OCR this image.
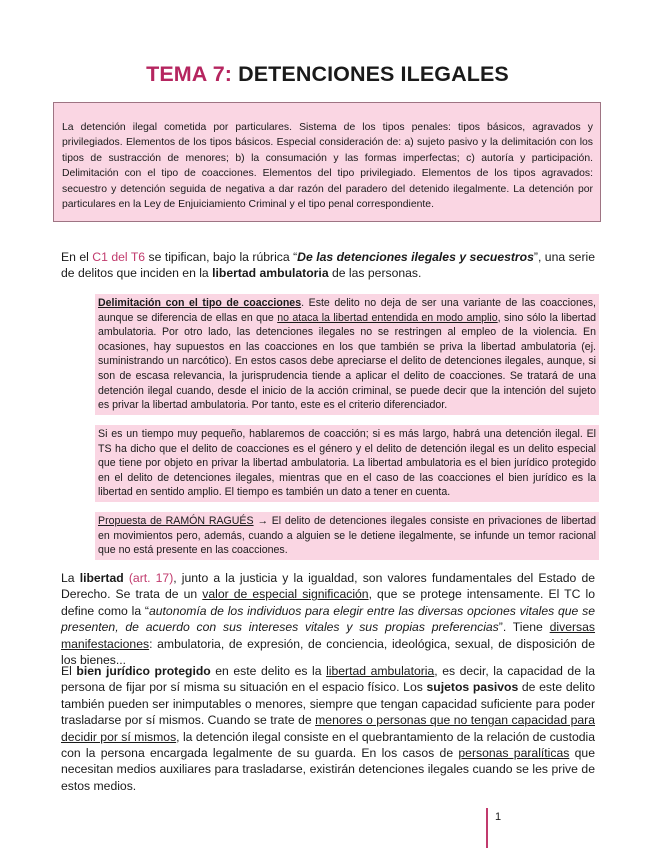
TEMA 7: DETENCIONES ILEGALES
La detención ilegal cometida por particulares. Sistema de los tipos penales: tipos básicos, agravados y privilegiados. Elementos de los tipos básicos. Especial consideración de: a) sujeto pasivo y la delimitación con los tipos de sustracción de menores; b) la consumación y las formas imperfectas; c) autoría y participación. Delimitación con el tipo de coacciones. Elementos del tipo privilegiado. Elementos de los tipos agravados: secuestro y detención seguida de negativa a dar razón del paradero del detenido ilegalmente. La detención por particulares en la Ley de Enjuiciamiento Criminal y el tipo penal correspondiente.
En el C1 del T6 se tipifican, bajo la rúbrica “De las detenciones ilegales y secuestros”, una serie de delitos que inciden en la libertad ambulatoria de las personas.
Delimitación con el tipo de coacciones. Este delito no deja de ser una variante de las coacciones, aunque se diferencia de ellas en que no ataca la libertad entendida en modo amplio, sino sólo la libertad ambulatoria. Por otro lado, las detenciones ilegales no se restringen al empleo de la violencia. En ocasiones, hay supuestos en las coacciones en los que también se priva la libertad ambulatoria (ej. suministrando un narcótico). En estos casos debe apreciarse el delito de detenciones ilegales, aunque, si son de escasa relevancia, la jurisprudencia tiende a aplicar el delito de coacciones. Se tratará de una detención ilegal cuando, desde el inicio de la acción criminal, se puede decir que la intención del sujeto es privar la libertad ambulatoria. Por tanto, este es el criterio diferenciador.
Si es un tiempo muy pequeño, hablaremos de coacción; si es más largo, habrá una detención ilegal. El TS ha dicho que el delito de coacciones es el género y el delito de detención ilegal es un delito especial que tiene por objeto en privar la libertad ambulatoria. La libertad ambulatoria es el bien jurídico protegido en el delito de detenciones ilegales, mientras que en el caso de las coacciones el bien jurídico es la libertad en sentido amplio. El tiempo es también un dato a tener en cuenta.
Propuesta de RAMÓN RAGUÉS → El delito de detenciones ilegales consiste en privaciones de libertad en movimientos pero, además, cuando a alguien se le detiene ilegalmente, se infunde un temor racional que no está presente en las coacciones.
La libertad (art. 17), junto a la justicia y la igualdad, son valores fundamentales del Estado de Derecho. Se trata de un valor de especial significación, que se protege intensamente. El TC lo define como la “autonomía de los individuos para elegir entre las diversas opciones vitales que se presenten, de acuerdo con sus intereses vitales y sus propias preferencias”. Tiene diversas manifestaciones: ambulatoria, de expresión, de conciencia, ideológica, sexual, de disposición de los bienes...
El bien jurídico protegido en este delito es la libertad ambulatoria, es decir, la capacidad de la persona de fijar por sí misma su situación en el espacio físico. Los sujetos pasivos de este delito también pueden ser inimputables o menores, siempre que tengan capacidad suficiente para poder trasladarse por sí mismos. Cuando se trate de menores o personas que no tengan capacidad para decidir por sí mismos, la detención ilegal consiste en el quebrantamiento de la relación de custodia con la persona encargada legalmente de su guarda. En los casos de personas paralíticas que necesitan medios auxiliares para trasladarse, existirán detenciones ilegales cuando se les prive de estos medios.
1
